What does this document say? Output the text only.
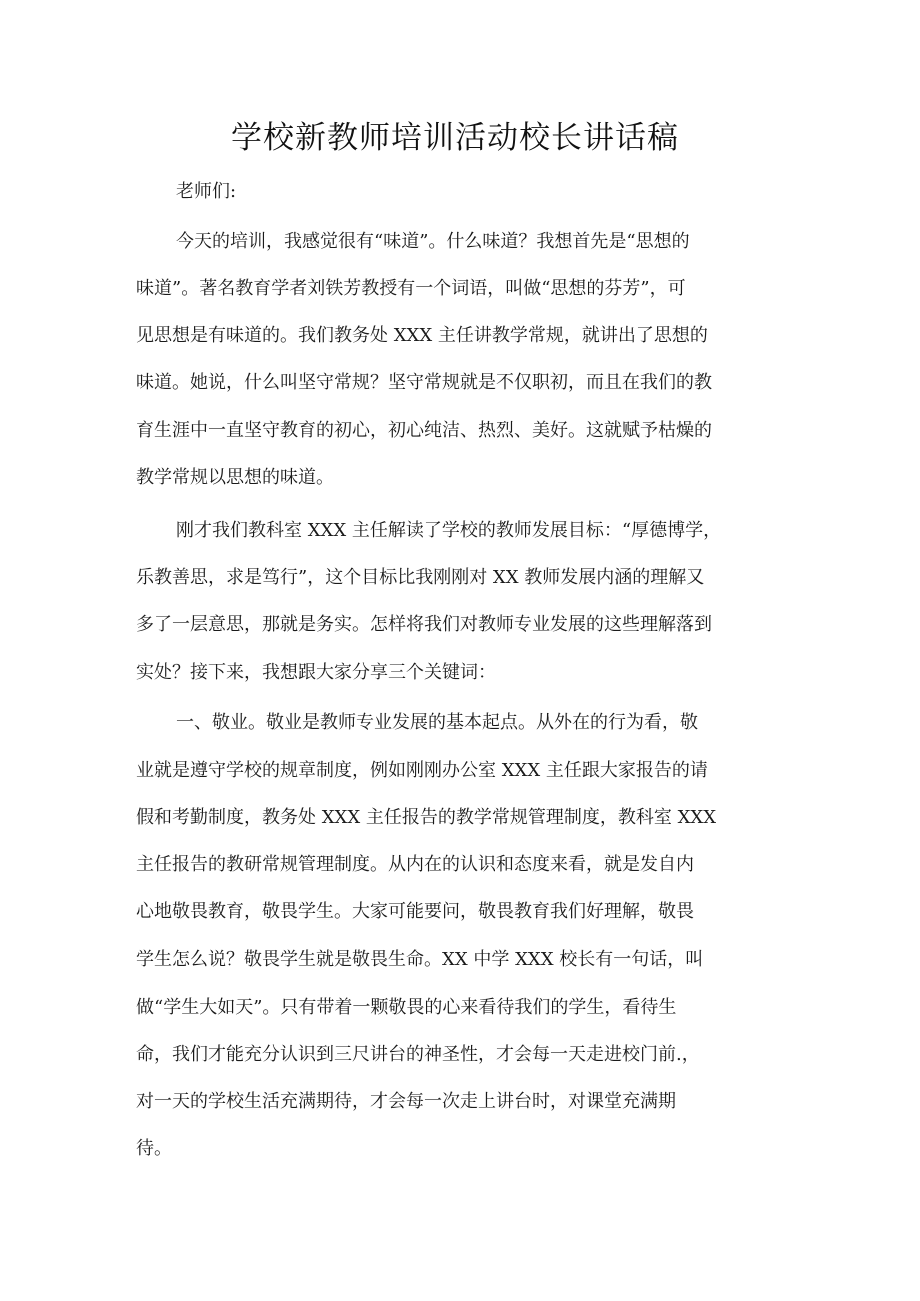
学校新教师培训活动校长讲话稿
老师们:
今天的培训，我感觉很有“味道”。什么味道？我想首先是“思想的
味道”。著名教育学者刘铁芳教授有一个词语，叫做“思想的芬芳”，可
见思想是有味道的。我们教务处 XXX 主任讲教学常规，就讲出了思想的
味道。她说，什么叫坚守常规？坚守常规就是不仅职初，而且在我们的教
育生涯中一直坚守教育的初心，初心纯洁、热烈、美好。这就赋予枯燥的
教学常规以思想的味道。
刚才我们教科室 XXX 主任解读了学校的教师发展目标：“厚德博学，
乐教善思，求是笃行”，这个目标比我刚刚对 XX 教师发展内涵的理解又
多了一层意思，那就是务实。怎样将我们对教师专业发展的这些理解落到
实处？接下来，我想跟大家分享三个关键词：
一、敬业。敬业是教师专业发展的基本起点。从外在的行为看，敬
业就是遵守学校的规章制度，例如刚刚办公室 XXX 主任跟大家报告的请
假和考勤制度，教务处 XXX 主任报告的教学常规管理制度，教科室 XXX
主任报告的教研常规管理制度。从内在的认识和态度来看，就是发自内
心地敬畏教育，敬畏学生。大家可能要问，敬畏教育我们好理解，敬畏
学生怎么说？敬畏学生就是敬畏生命。XX 中学 XXX 校长有一句话，叫
做“学生大如天”。只有带着一颗敬畏的心来看待我们的学生，看待生
命，我们才能充分认识到三尺讲台的神圣性，才会每一天走进校门前.，
对一天的学校生活充满期待，才会每一次走上讲台时，对课堂充满期
待。
